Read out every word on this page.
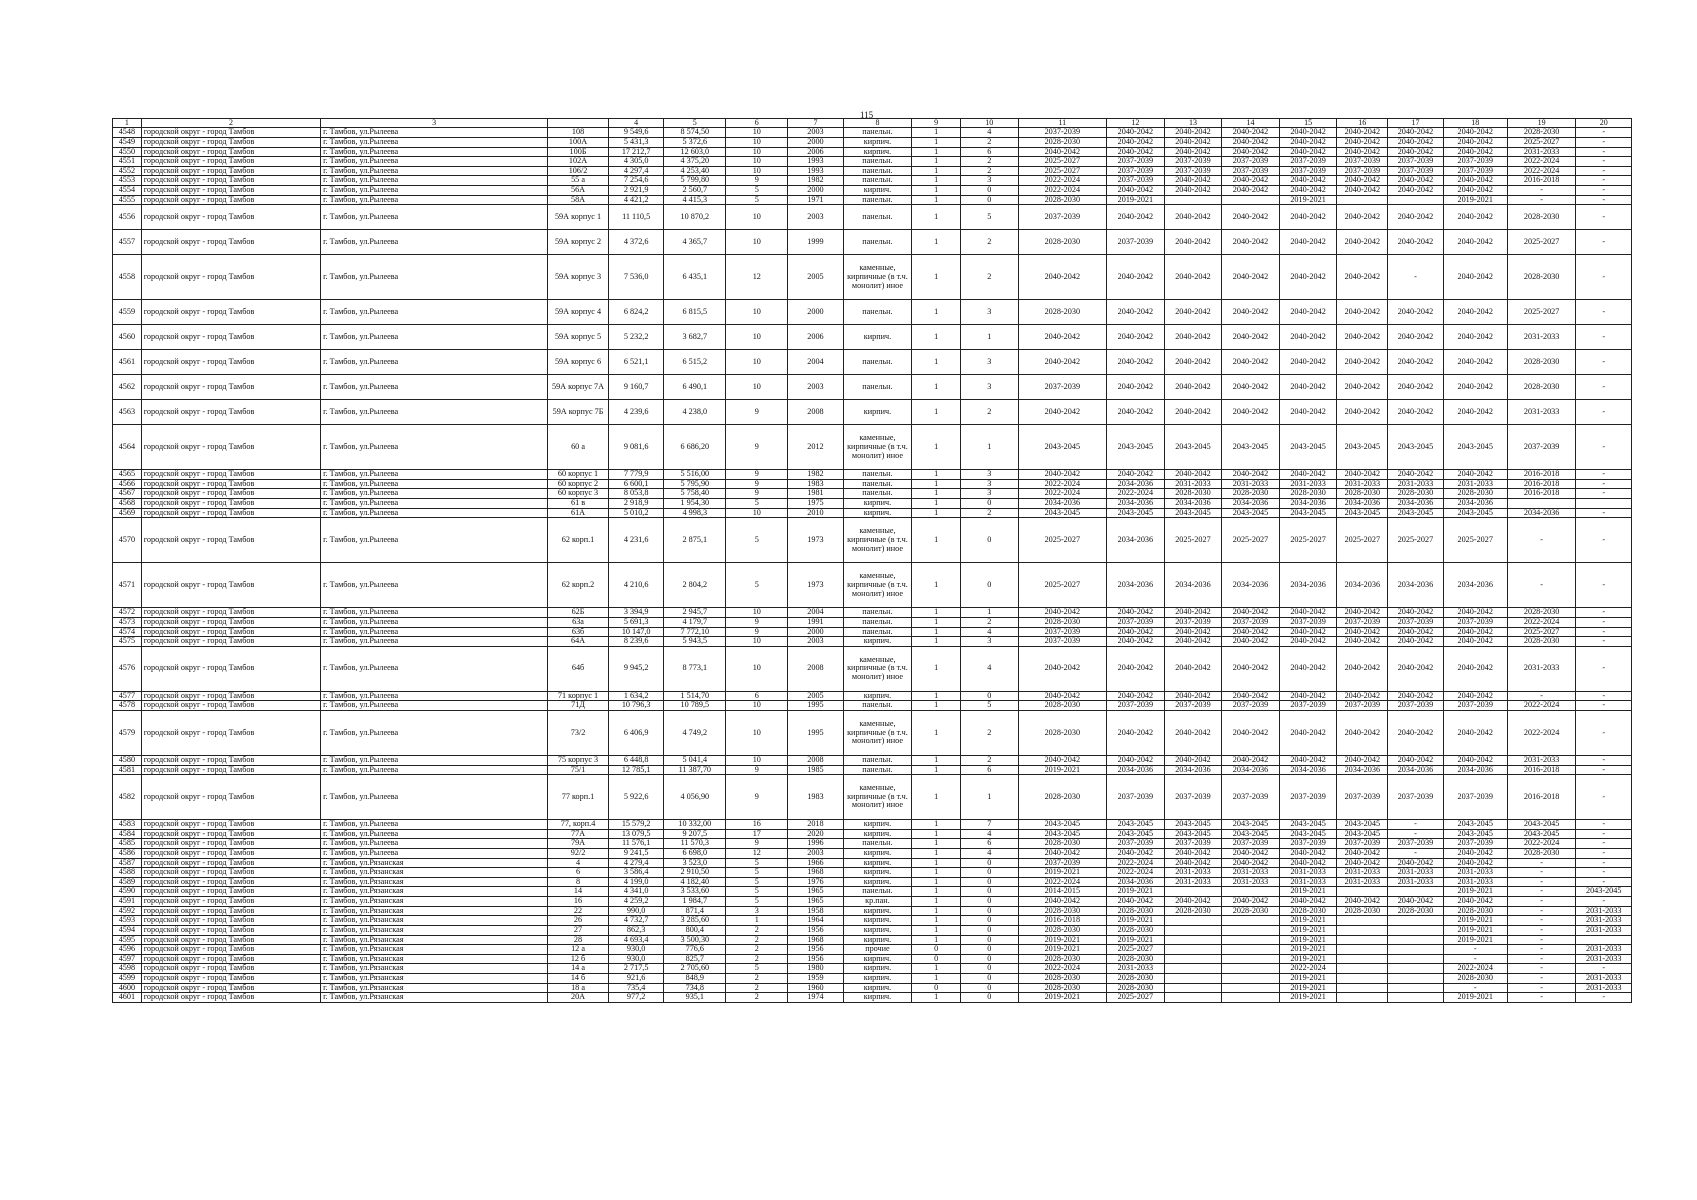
115
1	2	3		4	5	6	7	8	9	10	11	12	13	14	15	16	17	18	19	20
4548	городской округ - город Тамбов	г. Тамбов, ул.Рылеева	108	9 549,6	8 574,50	10	2003	панельн.	1	4	2037-2039	2040-2042	2040-2042	2040-2042	2040-2042	2040-2042	2040-2042	2040-2042	2028-2030	-
4549	городской округ - город Тамбов	г. Тамбов, ул.Рылеева	100А	5 431,3	5 372,6	10	2000	кирпич.	1	2	2028-2030	2040-2042	2040-2042	2040-2042	2040-2042	2040-2042	2040-2042	2040-2042	2025-2027	-
4550	городской округ - город Тамбов	г. Тамбов, ул.Рылеева	100Б	17 212,7	12 603,0	10	2006	кирпич.	1	6	2040-2042	2040-2042	2040-2042	2040-2042	2040-2042	2040-2042	2040-2042	2040-2042	2031-2033	-
4551	городской округ - город Тамбов	г. Тамбов, ул.Рылеева	102А	4 305,0	4 375,20	10	1993	панельн.	1	2	2025-2027	2037-2039	2037-2039	2037-2039	2037-2039	2037-2039	2037-2039	2037-2039	2022-2024	-
4552	городской округ - город Тамбов	г. Тамбов, ул.Рылеева	106/2	4 297,4	4 253,40	10	1993	панельн.	1	2	2025-2027	2037-2039	2037-2039	2037-2039	2037-2039	2037-2039	2037-2039	2037-2039	2022-2024	-
4553	городской округ - город Тамбов	г. Тамбов, ул.Рылеева	55 а	7 254,6	5 799,80	9	1982	панельн.	1	3	2022-2024	2037-2039	2040-2042	2040-2042	2040-2042	2040-2042	2040-2042	2040-2042	2016-2018	-
4554	городской округ - город Тамбов	г. Тамбов, ул.Рылеева	56А	2 921,9	2 560,7	5	2000	кирпич.	1	0	2022-2024	2040-2042	2040-2042	2040-2042	2040-2042	2040-2042	2040-2042	2040-2042	-	-
4555	городской округ - город Тамбов	г. Тамбов, ул.Рылеева	58А	4 421,2	4 415,3	5	1971	панельн.	1	0	2028-2030	2019-2021			2019-2021			2019-2021	-	-
4556	городской округ - город Тамбов	г. Тамбов, ул.Рылеева	59А корпус 1	11 110,5	10 870,2	10	2003	панельн.	1	5	2037-2039	2040-2042	2040-2042	2040-2042	2040-2042	2040-2042	2040-2042	2040-2042	2028-2030	-
4557	городской округ - город Тамбов	г. Тамбов, ул.Рылеева	59А корпус 2	4 372,6	4 365,7	10	1999	панельн.	1	2	2028-2030	2037-2039	2040-2042	2040-2042	2040-2042	2040-2042	2040-2042	2040-2042	2025-2027	-
4558	городской округ - город Тамбов	г. Тамбов, ул.Рылеева	59А корпус 3	7 536,0	6 435,1	12	2005	каменные, кирпичные (в т.ч. монолит) иное	1	2	2040-2042	2040-2042	2040-2042	2040-2042	2040-2042	2040-2042	-	2040-2042	2028-2030	-
4559	городской округ - город Тамбов	г. Тамбов, ул.Рылеева	59А корпус 4	6 824,2	6 815,5	10	2000	панельн.	1	3	2028-2030	2040-2042	2040-2042	2040-2042	2040-2042	2040-2042	2040-2042	2040-2042	2025-2027	-
4560	городской округ - город Тамбов	г. Тамбов, ул.Рылеева	59А корпус 5	5 232,2	3 682,7	10	2006	кирпич.	1	1	2040-2042	2040-2042	2040-2042	2040-2042	2040-2042	2040-2042	2040-2042	2040-2042	2031-2033	-
4561	городской округ - город Тамбов	г. Тамбов, ул.Рылеева	59А корпус 6	6 521,1	6 515,2	10	2004	панельн.	1	3	2040-2042	2040-2042	2040-2042	2040-2042	2040-2042	2040-2042	2040-2042	2040-2042	2028-2030	-
4562	городской округ - город Тамбов	г. Тамбов, ул.Рылеева	59А корпус 7А	9 160,7	6 490,1	10	2003	панельн.	1	3	2037-2039	2040-2042	2040-2042	2040-2042	2040-2042	2040-2042	2040-2042	2040-2042	2028-2030	-
4563	городской округ - город Тамбов	г. Тамбов, ул.Рылеева	59А корпус 7Б	4 239,6	4 238,0	9	2008	кирпич.	1	2	2040-2042	2040-2042	2040-2042	2040-2042	2040-2042	2040-2042	2040-2042	2040-2042	2031-2033	-
4564	городской округ - город Тамбов	г. Тамбов, ул.Рылеева	60 а	9 081,6	6 686,20	9	2012	каменные, кирпичные (в т.ч. монолит) иное	1	1	2043-2045	2043-2045	2043-2045	2043-2045	2043-2045	2043-2045	2043-2045	2043-2045	2037-2039	-
4565	городской округ - город Тамбов	г. Тамбов, ул.Рылеева	60 корпус 1	7 779,9	5 516,00	9	1982	панельн.	1	3	2040-2042	2040-2042	2040-2042	2040-2042	2040-2042	2040-2042	2040-2042	2040-2042	2016-2018	-
4566	городской округ - город Тамбов	г. Тамбов, ул.Рылеева	60 корпус 2	6 600,1	5 795,90	9	1983	панельн.	1	3	2022-2024	2034-2036	2031-2033	2031-2033	2031-2033	2031-2033	2031-2033	2031-2033	2016-2018	-
4567	городской округ - город Тамбов	г. Тамбов, ул.Рылеева	60 корпус 3	8 053,8	5 758,40	9	1981	панельн.	1	3	2022-2024	2022-2024	2028-2030	2028-2030	2028-2030	2028-2030	2028-2030	2028-2030	2016-2018	-
4568	городской округ - город Тамбов	г. Тамбов, ул.Рылеева	61 в	2 918,9	1 954,30	5	1975	кирпич.	1	0	2034-2036	2034-2036	2034-2036	2034-2036	2034-2036	2034-2036	2034-2036	2034-2036		
4569	городской округ - город Тамбов	г. Тамбов, ул.Рылеева	61А	5 010,2	4 998,3	10	2010	кирпич.	1	2	2043-2045	2043-2045	2043-2045	2043-2045	2043-2045	2043-2045	2043-2045	2043-2045	2034-2036	-
4570	городской округ - город Тамбов	г. Тамбов, ул.Рылеева	62 корп.1	4 231,6	2 875,1	5	1973	каменные, кирпичные (в т.ч. монолит) иное	1	0	2025-2027	2034-2036	2025-2027	2025-2027	2025-2027	2025-2027	2025-2027	2025-2027	-	-
4571	городской округ - город Тамбов	г. Тамбов, ул.Рылеева	62 корп.2	4 210,6	2 804,2	5	1973	каменные, кирпичные (в т.ч. монолит) иное	1	0	2025-2027	2034-2036	2034-2036	2034-2036	2034-2036	2034-2036	2034-2036	2034-2036	-	-
4572	городской округ - город Тамбов	г. Тамбов, ул.Рылеева	62Б	3 394,9	2 945,7	10	2004	панельн.	1	1	2040-2042	2040-2042	2040-2042	2040-2042	2040-2042	2040-2042	2040-2042	2040-2042	2028-2030	-
4573	городской округ - город Тамбов	г. Тамбов, ул.Рылеева	63а	5 691,3	4 179,7	9	1991	панельн.	1	2	2028-2030	2037-2039	2037-2039	2037-2039	2037-2039	2037-2039	2037-2039	2037-2039	2022-2024	-
4574	городской округ - город Тамбов	г. Тамбов, ул.Рылеева	63б	10 147,0	7 772,10	9	2000	панельн.	1	4	2037-2039	2040-2042	2040-2042	2040-2042	2040-2042	2040-2042	2040-2042	2040-2042	2025-2027	-
4575	городской округ - город Тамбов	г. Тамбов, ул.Рылеева	64А	8 239,6	5 943,5	10	2003	кирпич.	1	3	2037-2039	2040-2042	2040-2042	2040-2042	2040-2042	2040-2042	2040-2042	2040-2042	2028-2030	-
4576	городской округ - город Тамбов	г. Тамбов, ул.Рылеева	64б	9 945,2	8 773,1	10	2008	каменные, кирпичные (в т.ч. монолит) иное	1	4	2040-2042	2040-2042	2040-2042	2040-2042	2040-2042	2040-2042	2040-2042	2040-2042	2031-2033	-
4577	городской округ - город Тамбов	г. Тамбов, ул.Рылеева	71 корпус 1	1 634,2	1 514,70	6	2005	кирпич.	1	0	2040-2042	2040-2042	2040-2042	2040-2042	2040-2042	2040-2042	2040-2042	2040-2042	-	-
4578	городской округ - город Тамбов	г. Тамбов, ул.Рылеева	71Д	10 796,3	10 789,5	10	1995	панельн.	1	5	2028-2030	2037-2039	2037-2039	2037-2039	2037-2039	2037-2039	2037-2039	2037-2039	2022-2024	-
4579	городской округ - город Тамбов	г. Тамбов, ул.Рылеева	73/2	6 406,9	4 749,2	10	1995	каменные, кирпичные (в т.ч. монолит) иное	1	2	2028-2030	2040-2042	2040-2042	2040-2042	2040-2042	2040-2042	2040-2042	2040-2042	2022-2024	-
4580	городской округ - город Тамбов	г. Тамбов, ул.Рылеева	75 корпус 3	6 448,8	5 041,4	10	2008	панельн.	1	2	2040-2042	2040-2042	2040-2042	2040-2042	2040-2042	2040-2042	2040-2042	2040-2042	2031-2033	-
4581	городской округ - город Тамбов	г. Тамбов, ул.Рылеева	75/1	12 785,1	11 387,70	9	1985	панельн.	1	6	2019-2021	2034-2036	2034-2036	2034-2036	2034-2036	2034-2036	2034-2036	2034-2036	2016-2018	-
4582	городской округ - город Тамбов	г. Тамбов, ул.Рылеева	77 корп.1	5 922,6	4 056,90	9	1983	каменные, кирпичные (в т.ч. монолит) иное	1	1	2028-2030	2037-2039	2037-2039	2037-2039	2037-2039	2037-2039	2037-2039	2037-2039	2016-2018	-
4583	городской округ - город Тамбов	г. Тамбов, ул.Рылеева	77, корп.4	15 579,2	10 332,00	16	2018	кирпич.	1	7	2043-2045	2043-2045	2043-2045	2043-2045	2043-2045	2043-2045	-	2043-2045	2043-2045	-
4584	городской округ - город Тамбов	г. Тамбов, ул.Рылеева	77А	13 079,5	9 207,5	17	2020	кирпич.	1	4	2043-2045	2043-2045	2043-2045	2043-2045	2043-2045	2043-2045	-	2043-2045	2043-2045	-
4585	городской округ - город Тамбов	г. Тамбов, ул.Рылеева	79А	11 576,1	11 570,3	9	1996	панельн.	1	6	2028-2030	2037-2039	2037-2039	2037-2039	2037-2039	2037-2039	2037-2039	2037-2039	2022-2024	-
4586	городской округ - город Тамбов	г. Тамбов, ул.Рылеева	92/2	9 241,5	6 698,0	12	2003	кирпич.	1	4	2040-2042	2040-2042	2040-2042	2040-2042	2040-2042	2040-2042	-	2040-2042	2028-2030	-
4587	городской округ - город Тамбов	г. Тамбов, ул.Рязанская	4	4 279,4	3 523,0	5	1966	кирпич.	1	0	2037-2039	2022-2024	2040-2042	2040-2042	2040-2042	2040-2042	2040-2042	2040-2042	-	-
4588	городской округ - город Тамбов	г. Тамбов, ул.Рязанская	6	3 586,4	2 910,50	5	1968	кирпич.	1	0	2019-2021	2022-2024	2031-2033	2031-2033	2031-2033	2031-2033	2031-2033	2031-2033	-	-
4589	городской округ - город Тамбов	г. Тамбов, ул.Рязанская	8	4 199,0	4 182,40	5	1976	кирпич.	1	0	2022-2024	2034-2036	2031-2033	2031-2033	2031-2033	2031-2033	2031-2033	2031-2033	-	-
4590	городской округ - город Тамбов	г. Тамбов, ул.Рязанская	14	4 341,0	3 533,60	5	1965	панельн.	1	0	2014-2015	2019-2021			2019-2021			2019-2021	-	2043-2045
4591	городской округ - город Тамбов	г. Тамбов, ул.Рязанская	16	4 259,2	1 984,7	5	1965	кр.пан.	1	0	2040-2042	2040-2042	2040-2042	2040-2042	2040-2042	2040-2042	2040-2042	2040-2042	-	-
4592	городской округ - город Тамбов	г. Тамбов, ул.Рязанская	22	990,0	871,4	3	1958	кирпич.	1	0	2028-2030	2028-2030	2028-2030	2028-2030	2028-2030	2028-2030	2028-2030	2028-2030	-	2031-2033
4593	городской округ - город Тамбов	г. Тамбов, ул.Рязанская	26	4 732,7	3 285,60	1	1964	кирпич.	1	0	2016-2018	2019-2021			2019-2021			2019-2021	-	2031-2033
4594	городской округ - город Тамбов	г. Тамбов, ул.Рязанская	27	862,3	800,4	2	1956	кирпич.	1	0	2028-2030	2028-2030			2019-2021			2019-2021	-	2031-2033
4595	городской округ - город Тамбов	г. Тамбов, ул.Рязанская	28	4 693,4	3 500,30	2	1968	кирпич.	1	0	2019-2021	2019-2021			2019-2021			2019-2021	-	
4596	городской округ - город Тамбов	г. Тамбов, ул.Рязанская	12 а	930,0	776,6	2	1956	прочие	0	0	2019-2021	2025-2027			2019-2021			-	-	2031-2033
4597	городской округ - город Тамбов	г. Тамбов, ул.Рязанская	12 б	930,0	825,7	2	1956	кирпич.	0	0	2028-2030	2028-2030			2019-2021			-	-	2031-2033
4598	городской округ - город Тамбов	г. Тамбов, ул.Рязанская	14 а	2 717,5	2 705,60	5	1980	кирпич.	1	0	2022-2024	2031-2033			2022-2024			2022-2024	-	-
4599	городской округ - город Тамбов	г. Тамбов, ул.Рязанская	14 б	921,6	848,9	2	1959	кирпич.	1	0	2028-2030	2028-2030			2019-2021			2028-2030	-	2031-2033
4600	городской округ - город Тамбов	г. Тамбов, ул.Рязанская	18 а	735,4	734,8	2	1960	кирпич.	0	0	2028-2030	2028-2030			2019-2021			-	-	2031-2033
4601	городской округ - город Тамбов	г. Тамбов, ул.Рязанская	20А	977,2	935,1	2	1974	кирпич.	1	0	2019-2021	2025-2027			2019-2021			2019-2021	-	-
